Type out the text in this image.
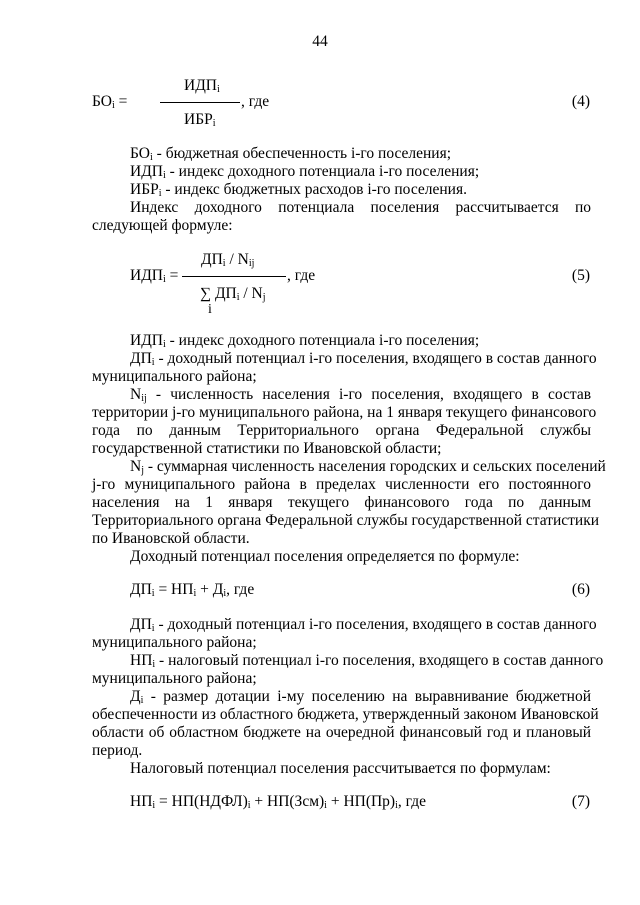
44
$ИДП_i$
$БО_i$ =	, где
$ИБР_i$
(4)
$БО_i$ - бюджетная обеспеченность i-го поселения;
$ИДП_i$ - индекс доходного потенциала i-го поселения;
$ИБР_i$ - индекс бюджетных расходов i-го поселения.
Индекс доходного потенциала поселения рассчитывается по
следующей формуле:
$ДП_i / N_{ij}$
$ИДП_i$ =	, где
∑ $ДП_i / N_j$
i
(5)
$ИДП_i$ - индекс доходного потенциала i-го поселения;
$ДП_i$ - доходный потенциал i-го поселения, входящего в состав данного
муниципального района;
$N_{ij}$ - численность населения i-го поселения, входящего в состав
территории j-го муниципального района, на 1 января текущего финансового
года по данным Территориального органа Федеральной службы
государственной статистики по Ивановской области;
$N_j$ - суммарная численность населения городских и сельских поселений
j-го муниципального района в пределах численности его постоянного
населения на 1 января текущего финансового года по данным
Территориального органа Федеральной службы государственной статистики
по Ивановской области.
Доходный потенциал поселения определяется по формуле:
$ДП_i = НП_i + Д_i$, где	(6)
$ДП_i$ - доходный потенциал i-го поселения, входящего в состав данного
муниципального района;
$НП_i$ - налоговый потенциал i-го поселения, входящего в состав данного
муниципального района;
$Д_i$ - размер дотации i-му поселению на выравнивание бюджетной
обеспеченности из областного бюджета, утвержденный законом Ивановской
области об областном бюджете на очередной финансовый год и плановый
период.
Налоговый потенциал поселения рассчитывается по формулам:
$НП_i$ = $НП(НДФЛ)_i + НП(Зсм)_i + НП(Пр)_i$, где	(7)
